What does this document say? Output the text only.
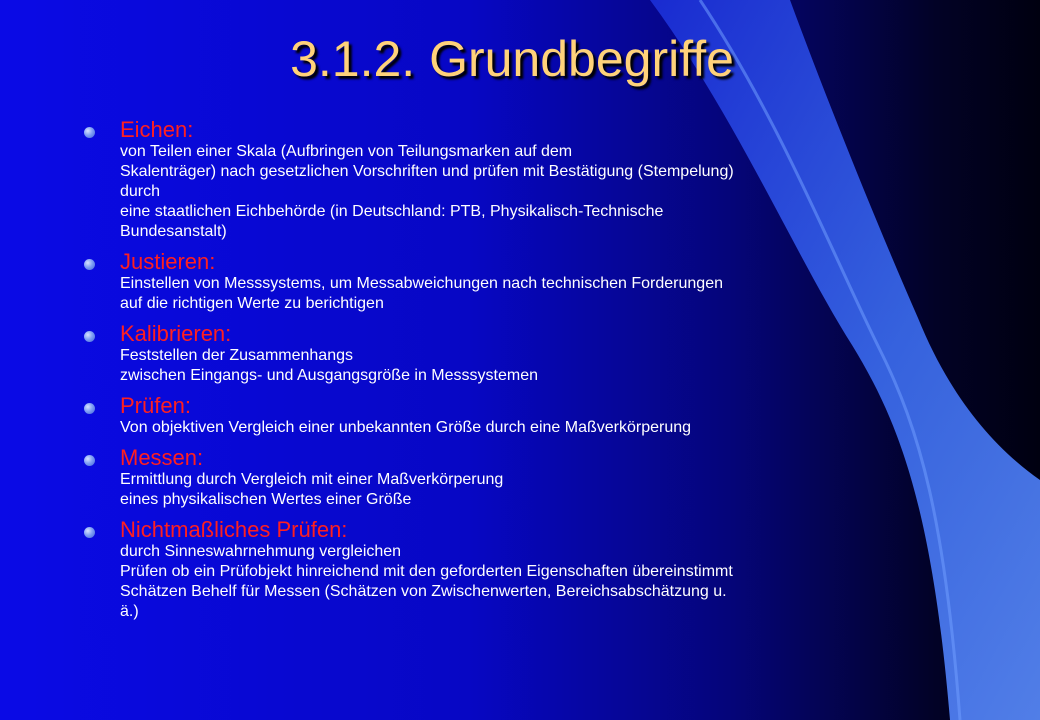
3.1.2. Grundbegriffe
Eichen:
von Teilen einer Skala (Aufbringen von Teilungsmarken auf dem
Skalenträger) nach gesetzlichen Vorschriften und prüfen mit Bestätigung (Stempelung)
durch
eine staatlichen Eichbehörde (in Deutschland: PTB, Physikalisch-Technische
Bundesanstalt)
Justieren:
Einstellen von Messsystems, um Messabweichungen nach technischen Forderungen
auf die richtigen Werte zu berichtigen
Kalibrieren:
Feststellen der Zusammenhangs
zwischen Eingangs- und Ausgangsgröße in Messsystemen
Prüfen:
Von objektiven Vergleich einer unbekannten Größe durch eine Maßverkörperung
Messen:
Ermittlung durch Vergleich mit einer Maßverkörperung
eines physikalischen Wertes einer Größe
Nichtmaßliches Prüfen:
durch Sinneswahrnehmung vergleichen
Prüfen ob ein Prüfobjekt hinreichend mit den geforderten Eigenschaften übereinstimmt
Schätzen Behelf für Messen (Schätzen von Zwischenwerten, Bereichsabschätzung u.
ä.)
